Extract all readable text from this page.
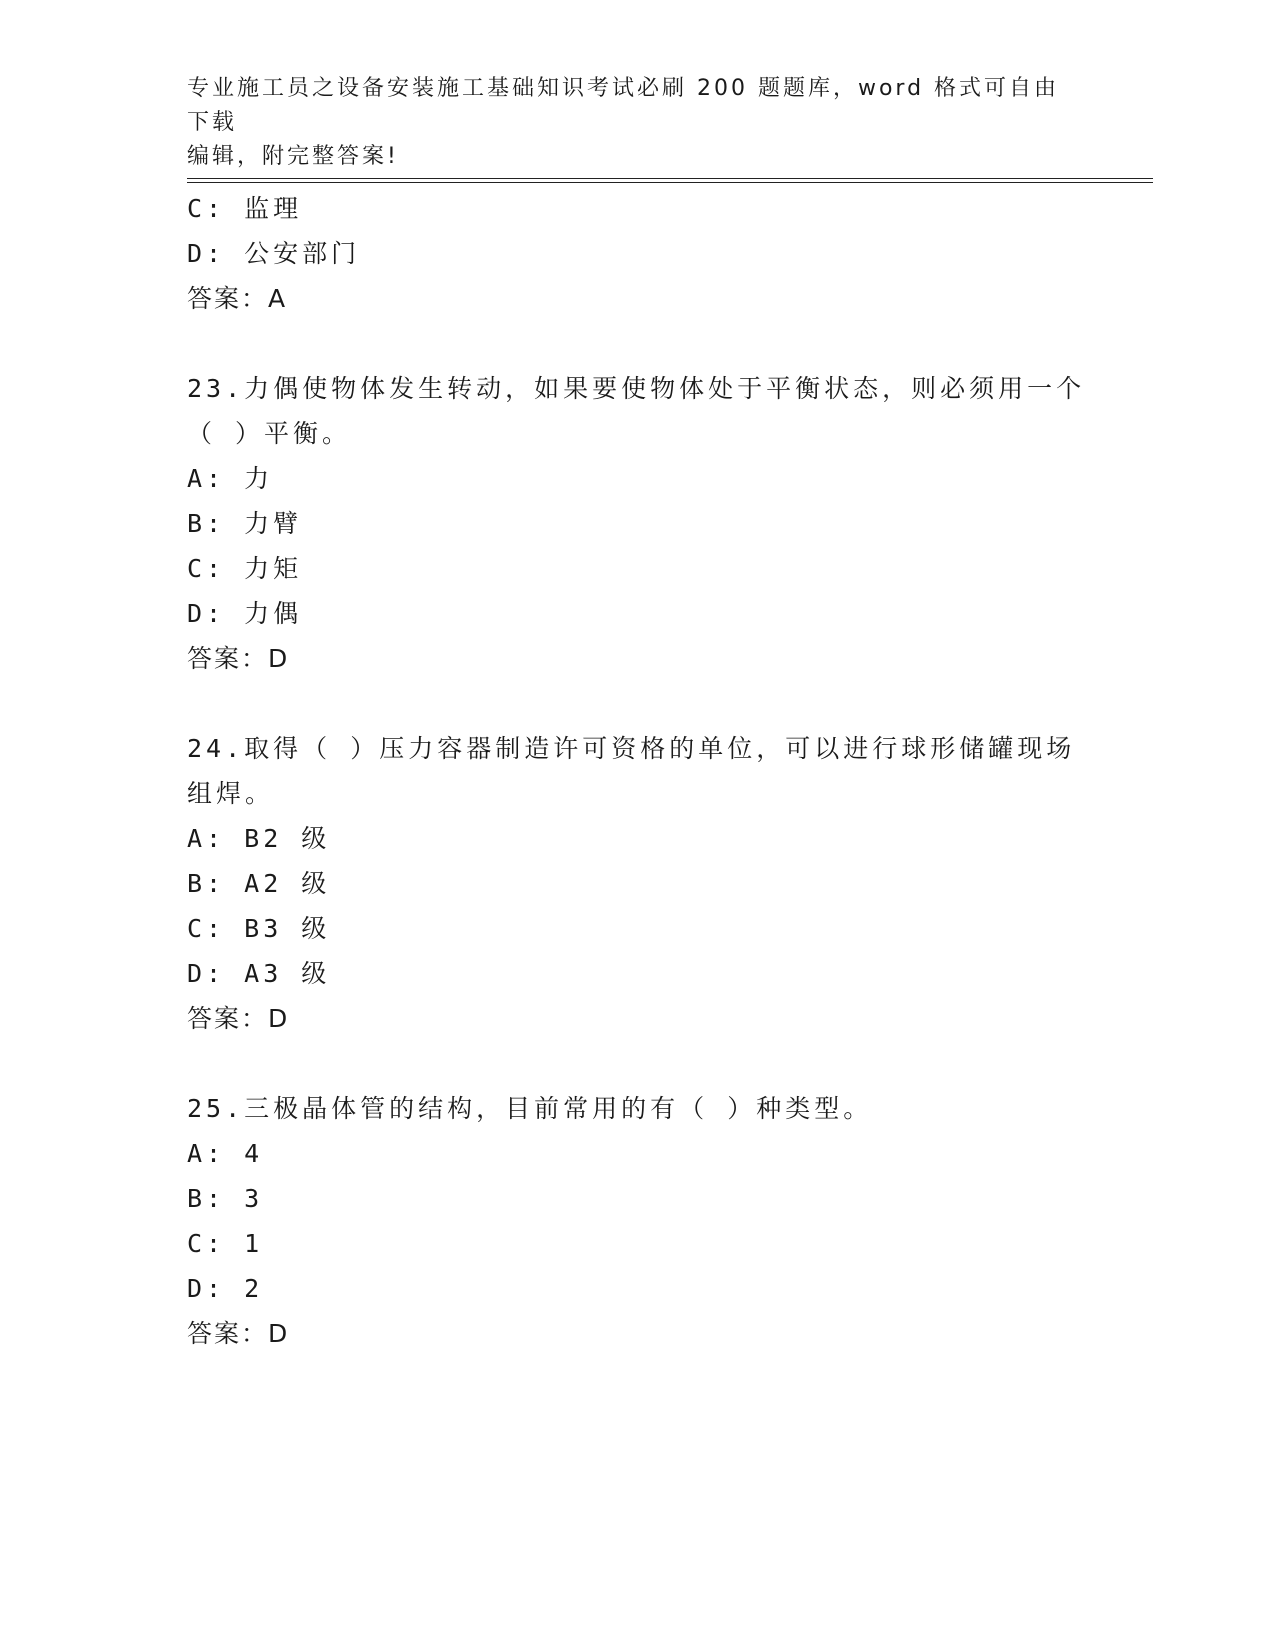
专业施工员之设备安装施工基础知识考试必刷 200 题题库，word 格式可自由下载
编辑，附完整答案!
C: 监理
D: 公安部门
答案：A
23.力偶使物体发生转动，如果要使物体处于平衡状态，则必须用一个
（ ）平衡。
A: 力
B: 力臂
C: 力矩
D: 力偶
答案：D
24.取得（ ）压力容器制造许可资格的单位，可以进行球形储罐现场
组焊。
A: B2 级
B: A2 级
C: B3 级
D: A3 级
答案：D
25.三极晶体管的结构，目前常用的有（ ）种类型。
A: 4
B: 3
C: 1
D: 2
答案：D
